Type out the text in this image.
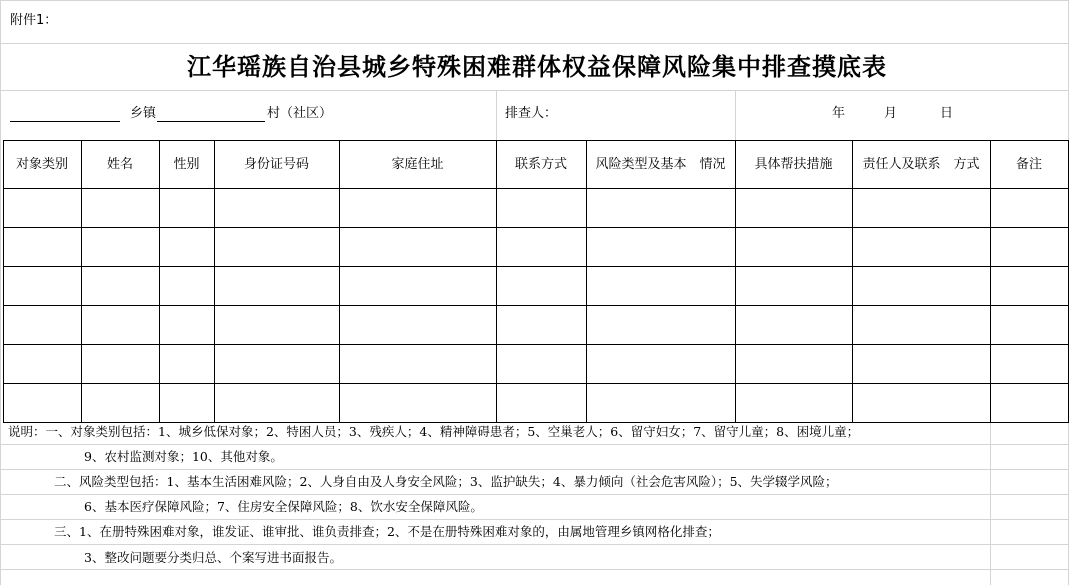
附件1：
江华瑶族自治县城乡特殊困难群体权益保障风险集中排查摸底表
乡镇	村（社区）	排查人：	年	月	日
对象类别	姓名	性别	身份证号码	家庭住址	联系方式	风险类型及基本　情况	具体帮扶措施	责任人及联系　方式	备注
说明：一、对象类别包括：1、城乡低保对象；2、特困人员；3、残疾人；4、精神障碍患者；5、空巢老人；6、留守妇女；7、留守儿童；8、困境儿童；
9、农村监测对象；10、其他对象。
二、风险类型包括：1、基本生活困难风险；2、人身自由及人身安全风险；3、监护缺失；4、暴力倾向（社会危害风险）；5、失学辍学风险；
6、基本医疗保障风险；7、住房安全保障风险；8、饮水安全保障风险。
三、1、在册特殊困难对象，谁发证、谁审批、谁负责排查；2、不是在册特殊困难对象的，由属地管理乡镇网格化排查；
3、整改问题要分类归总、个案写进书面报告。
